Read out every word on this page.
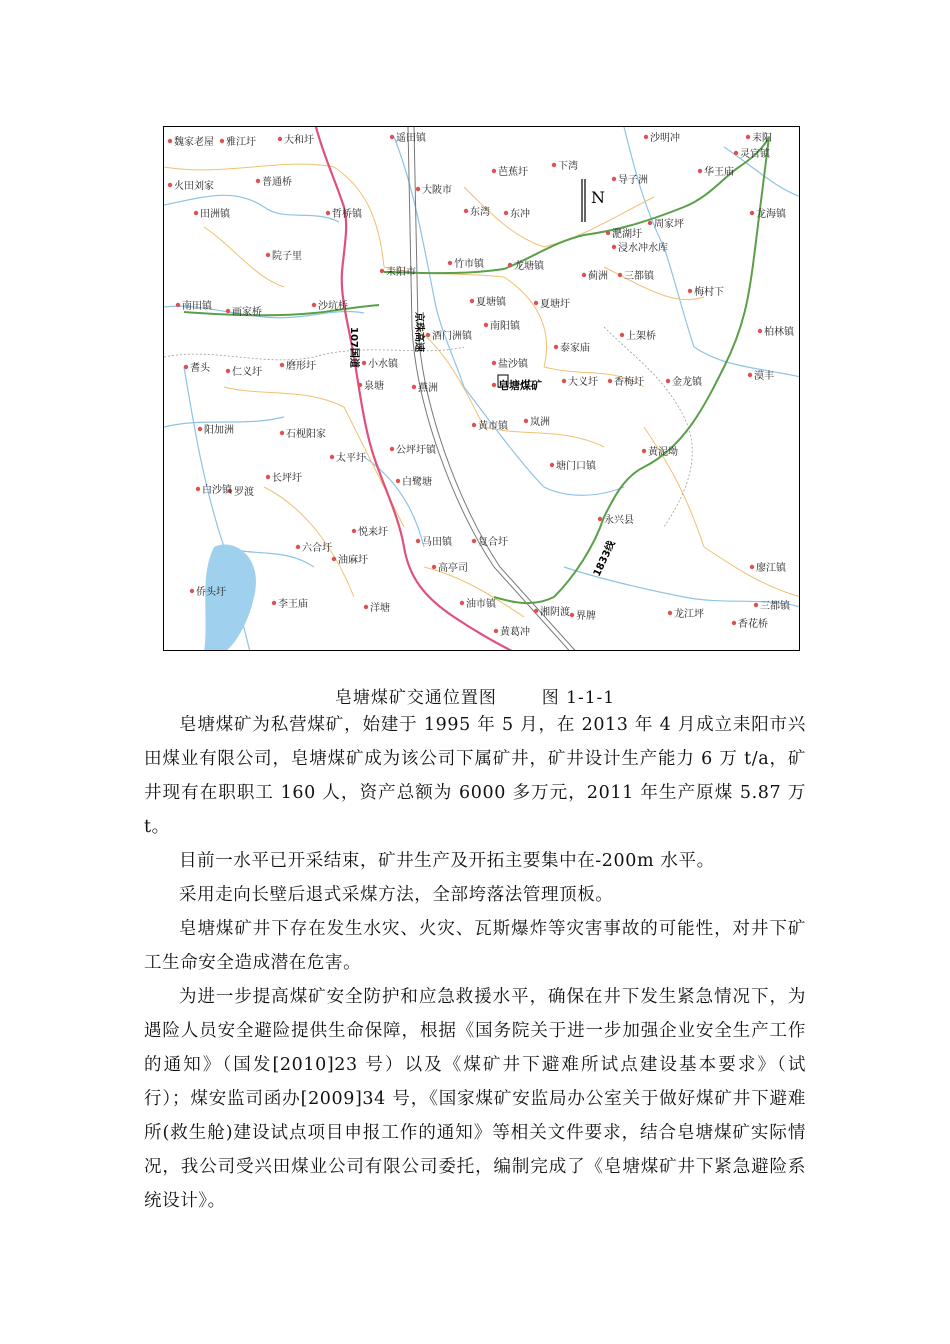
魏家老屋 雅江圩	大和圩	遥田镇	沙明冲	耒阳
灵官镇
火田刘家	普通桥
芭蕉圩
下湾
导子洲
华王庙
大陂市
田洲镇	哲桥镇	东湾 东冲	龙海镇
淝湖圩
周家坪
浸水冲水库
院子里
耒阳市
竹市镇	龙塘镇
三都镇
蓟洲
梅村下
南田镇	夏塘镇	夏塘圩
画家桥
沙坑桥
南阳镇
柏林镇
酒门洲镇	上架桥
泰家庙
盐沙镇
小水镇
耆头 仁义圩
磨形圩
皂塘煤矿	大义圩 香梅圩	金龙镇
泉塘	燕洲
漠丰
阳加洲	石枧阳家
黄市镇 岚洲
公坪圩镇	黄泥坳
太平圩
长坪圩
塘门口镇
白沙镇 罗渡
白鹭塘
永兴县
悦来圩
马田镇	复合圩
六合圩
油麻圩
高亭司	廖江镇
侨头圩
李王庙	洋塘	油市镇
湘阴渡 界牌	龙江坪
三都镇
香花桥
黄葛冲
107国道	京珠高速
1833线
N
皂塘煤矿交通位置图	图 1-1-1

皂塘煤矿为私营煤矿，始建于 1995 年 5 月，在 2013 年 4 月成立耒阳市兴田煤业有限公司，皂塘煤矿成为该公司下属矿井，矿井设计生产能力 6 万 t/a，矿井现有在职职工 160 人，资产总额为 6000 多万元，2011 年生产原煤 5.87 万 t。

目前一水平已开采结束，矿井生产及开拓主要集中在-200m 水平。

采用走向长壁后退式采煤方法，全部垮落法管理顶板。

皂塘煤矿井下存在发生水灾、火灾、瓦斯爆炸等灾害事故的可能性，对井下矿工生命安全造成潜在危害。

为进一步提高煤矿安全防护和应急救援水平，确保在井下发生紧急情况下，为遇险人员安全避险提供生命保障，根据《国务院关于进一步加强企业安全生产工作的通知》（国发[2010]23 号）以及《煤矿井下避难所试点建设基本要求》（试行）；煤安监司函办[2009]34 号，《国家煤矿安监局办公室关于做好煤矿井下避难所(救生舱)建设试点项目申报工作的通知》等相关文件要求，结合皂塘煤矿实际情况，我公司受兴田煤业公司有限公司委托，编制完成了《皂塘煤矿井下紧急避险系统设计》。
